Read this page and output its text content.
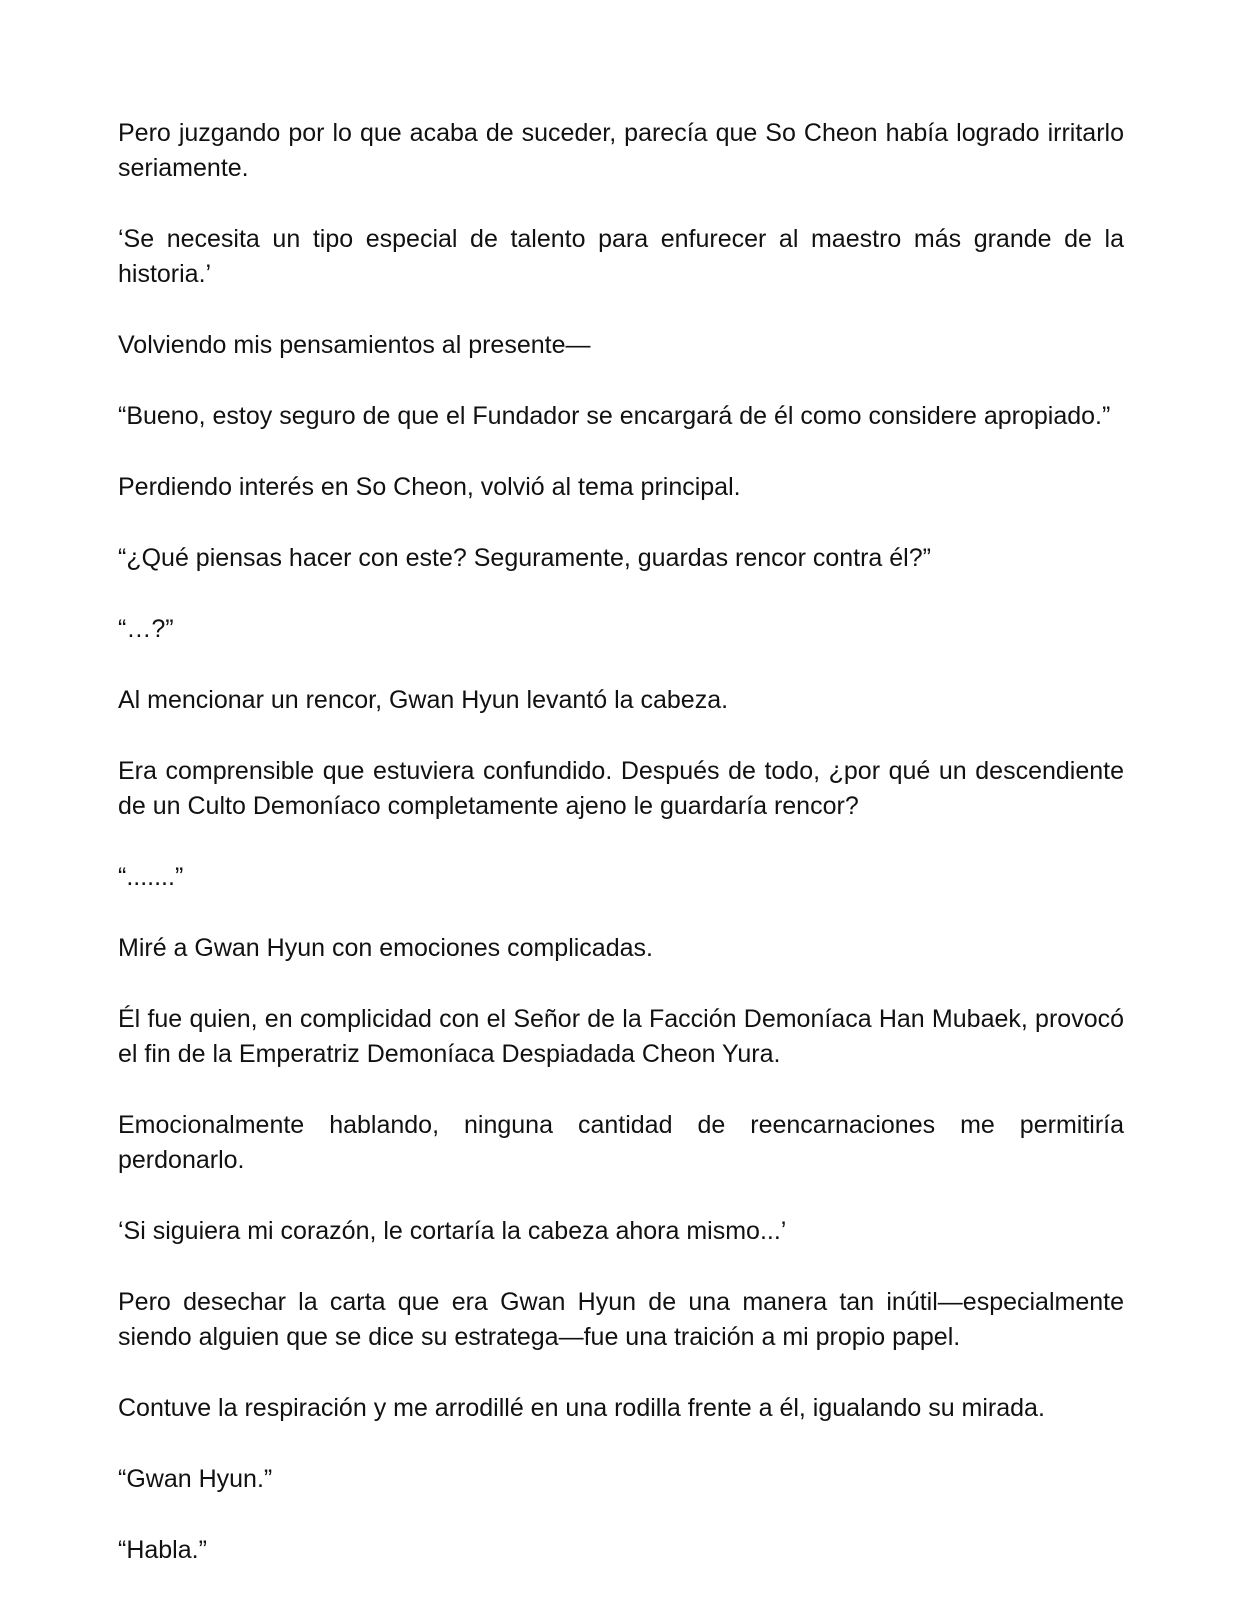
Pero juzgando por lo que acaba de suceder, parecía que So Cheon había logrado irritarlo seriamente.

‘Se necesita un tipo especial de talento para enfurecer al maestro más grande de la historia.’

Volviendo mis pensamientos al presente—

“Bueno, estoy seguro de que el Fundador se encargará de él como considere apropiado.”

Perdiendo interés en So Cheon, volvió al tema principal.

“¿Qué piensas hacer con este? Seguramente, guardas rencor contra él?”

“…?”

Al mencionar un rencor, Gwan Hyun levantó la cabeza.

Era comprensible que estuviera confundido. Después de todo, ¿por qué un descendiente de un Culto Demoníaco completamente ajeno le guardaría rencor?

“.......”

Miré a Gwan Hyun con emociones complicadas.

Él fue quien, en complicidad con el Señor de la Facción Demoníaca Han Mubaek, provocó el fin de la Emperatriz Demoníaca Despiadada Cheon Yura.

Emocionalmente hablando, ninguna cantidad de reencarnaciones me permitiría perdonarlo.

‘Si siguiera mi corazón, le cortaría la cabeza ahora mismo...’

Pero desechar la carta que era Gwan Hyun de una manera tan inútil—especialmente siendo alguien que se dice su estratega—fue una traición a mi propio papel.

Contuve la respiración y me arrodillé en una rodilla frente a él, igualando su mirada.

“Gwan Hyun.”

“Habla.”
